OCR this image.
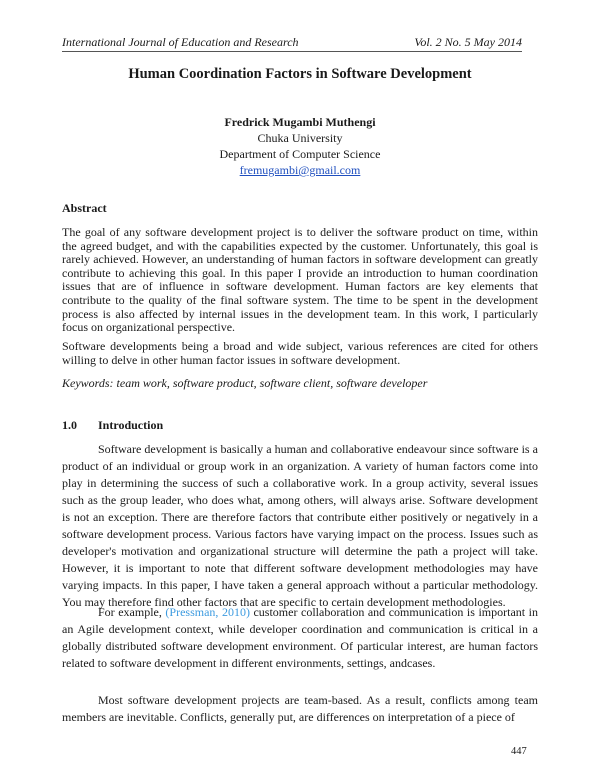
International Journal of Education and Research	Vol. 2 No. 5 May 2014
Human Coordination Factors in Software Development
Fredrick Mugambi Muthengi
Chuka University
Department of Computer Science
fremugambi@gmail.com
Abstract

The goal of any software development project is to deliver the software product on time, within the agreed budget, and with the capabilities expected by the customer. Unfortunately, this goal is rarely achieved. However, an understanding of human factors in software development can greatly contribute to achieving this goal. In this paper I provide an introduction to human coordination issues that are of influence in software development. Human factors are key elements that contribute to the quality of the final software system. The time to be spent in the development process is also affected by internal issues in the development team. In this work, I particularly focus on organizational perspective.

Software developments being a broad and wide subject, various references are cited for others willing to delve in other human factor issues in software development.

Keywords: team work, software product, software client, software developer
1.0 Introduction

Software development is basically a human and collaborative endeavour since software is a product of an individual or group work in an organization. A variety of human factors come into play in determining the success of such a collaborative work. In a group activity, several issues such as the group leader, who does what, among others, will always arise. Software development is not an exception. There are therefore factors that contribute either positively or negatively in a software development process. Various factors have varying impact on the process. Issues such as developer's motivation and organizational structure will determine the path a project will take. However, it is important to note that different software development methodologies may have varying impacts. In this paper, I have taken a general approach without a particular methodology. You may therefore find other factors that are specific to certain development methodologies.

For example, (Pressman, 2010) customer collaboration and communication is important in an Agile development context, while developer coordination and communication is critical in a globally distributed software development environment. Of particular interest, are human factors related to software development in different environments, settings, andcases.

Most software development projects are team-based. As a result, conflicts among team members are inevitable. Conflicts, generally put, are differences on interpretation of a piece of

447
